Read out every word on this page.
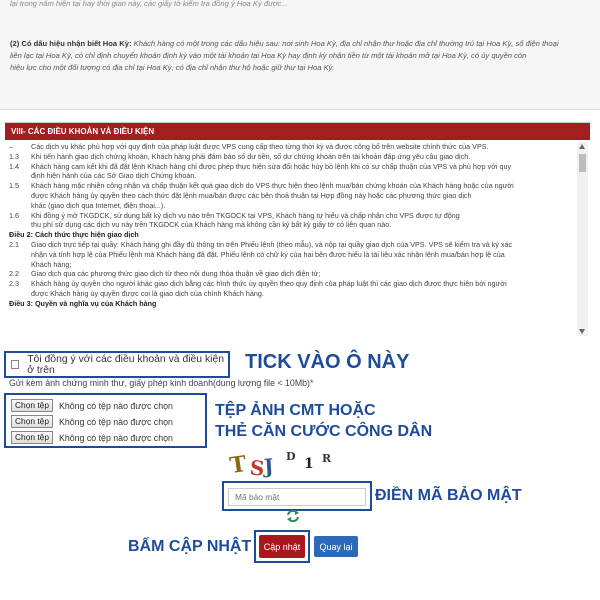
lại trong năm hiện tại hay thời gian này, các giấy tờ kiểm tra đồng ý Hoa Kỳ được...

(2) Có dấu hiệu nhận biết Hoa Kỳ: Khách hàng có một trong các dấu hiệu sau: nơi sinh Hoa Kỳ, địa chỉ nhận thư hoặc địa chỉ thường trú tại Hoa Kỳ, số điện thoại
liên lạc tại Hoa Kỳ, có chỉ định chuyển khoản định kỳ vào một tài khoản tại Hoa Kỳ hay định kỳ nhận tiền từ một tài khoản mở tại Hoa Kỳ, có ủy quyền còn
hiệu lực cho một đối tượng có địa chỉ tại Hoa Kỳ, có địa chỉ nhận thư hộ hoặc giữ thư tại Hoa Kỳ.

VIII- CÁC ĐIỀU KHOẢN VÀ ĐIỀU KIỆN
–	Các dịch vụ khác phù hợp với quy định của pháp luật được VPS cung cấp theo từng thời kỳ và được công bố trên website chính thức của VPS.
1.3 Khi tiến hành giao dịch chứng khoán, Khách hàng phải đảm bảo số dư tiền, số dư chứng khoán trên tài khoản đáp ứng yêu cầu giao dịch.
1.4 Khách hàng cam kết khi đã đặt lệnh Khách hàng chỉ được phép thực hiện sửa đổi hoặc hủy bỏ lệnh khi có sự chấp thuận của VPS và phù hợp với quy
định hiện hành của các Sở Giao dịch Chứng khoán.
1.5 Khách hàng mặc nhiên công nhận và chấp thuận kết quả giao dịch do VPS thực hiện theo lệnh mua/bán chứng khoán của Khách hàng hoặc của người
được Khách hàng ủy quyền theo cách thức đặt lệnh mua/bán được các bên thoả thuận tại Hợp đồng này hoặc các phương thức giao dịch
khác (giao dịch qua Internet, điện thoại...).
1.6 Khi đồng ý mở TKGDCK, sử dụng bất kỳ dịch vụ nào trên TKGDCK tại VPS, Khách hàng tự hiểu và chấp nhận cho VPS được tự động
thu phí sử dụng các dịch vụ này trên TKGDCK của Khách hàng mà không cần ký bất kỳ giấy tờ có liên quan nào.
Điều 2: Cách thức thực hiện giao dịch
2.1 Giao dịch trực tiếp tại quầy: Khách hàng ghi đầy đủ thông tin trên Phiếu lệnh (theo mẫu), và nộp tại quầy giao dịch của VPS. VPS sẽ kiểm tra và ký xác
nhận và tính hợp lệ của Phiếu lệnh mà Khách hàng đã đặt. Phiếu lệnh có chữ ký của hai bên được hiểu là tài liệu xác nhận lệnh mua/bán hợp lệ của
Khách hàng;
2.2 Giao dịch qua các phương thức giao dịch từ theo nội dung thỏa thuận về giao dịch điện tử;
2.3 Khách hàng ủy quyền cho người khác giao dịch bằng các hình thức ủy quyền theo quy định của pháp luật thì các giao dịch được thực hiện bởi người
được Khách hàng ủy quyền được coi là giao dịch của chính Khách hàng.
Điều 3: Quyền và nghĩa vụ của Khách hàng
Tôi đồng ý với các điều khoản và điều kiện ở trên	TICK VÀO Ô NÀY
Gửi kèm ảnh chứng minh thư, giấy phép kinh doanh(dung lượng file < 10Mb)*
Chọn tệp	Không có tệp nào được chọn
Chọn tệp	Không có tệp nào được chọn
Chọn tệp	Không có tệp nào được chọn
TỆP ẢNH CMT HOẶC
THẺ CĂN CƯỚC CÔNG DÂN
T S
J D 1 R
Mã bảo mật
ĐIỀN MÃ BẢO MẬT
BẤM CẬP NHẬT	Cập nhật	Quay lại
